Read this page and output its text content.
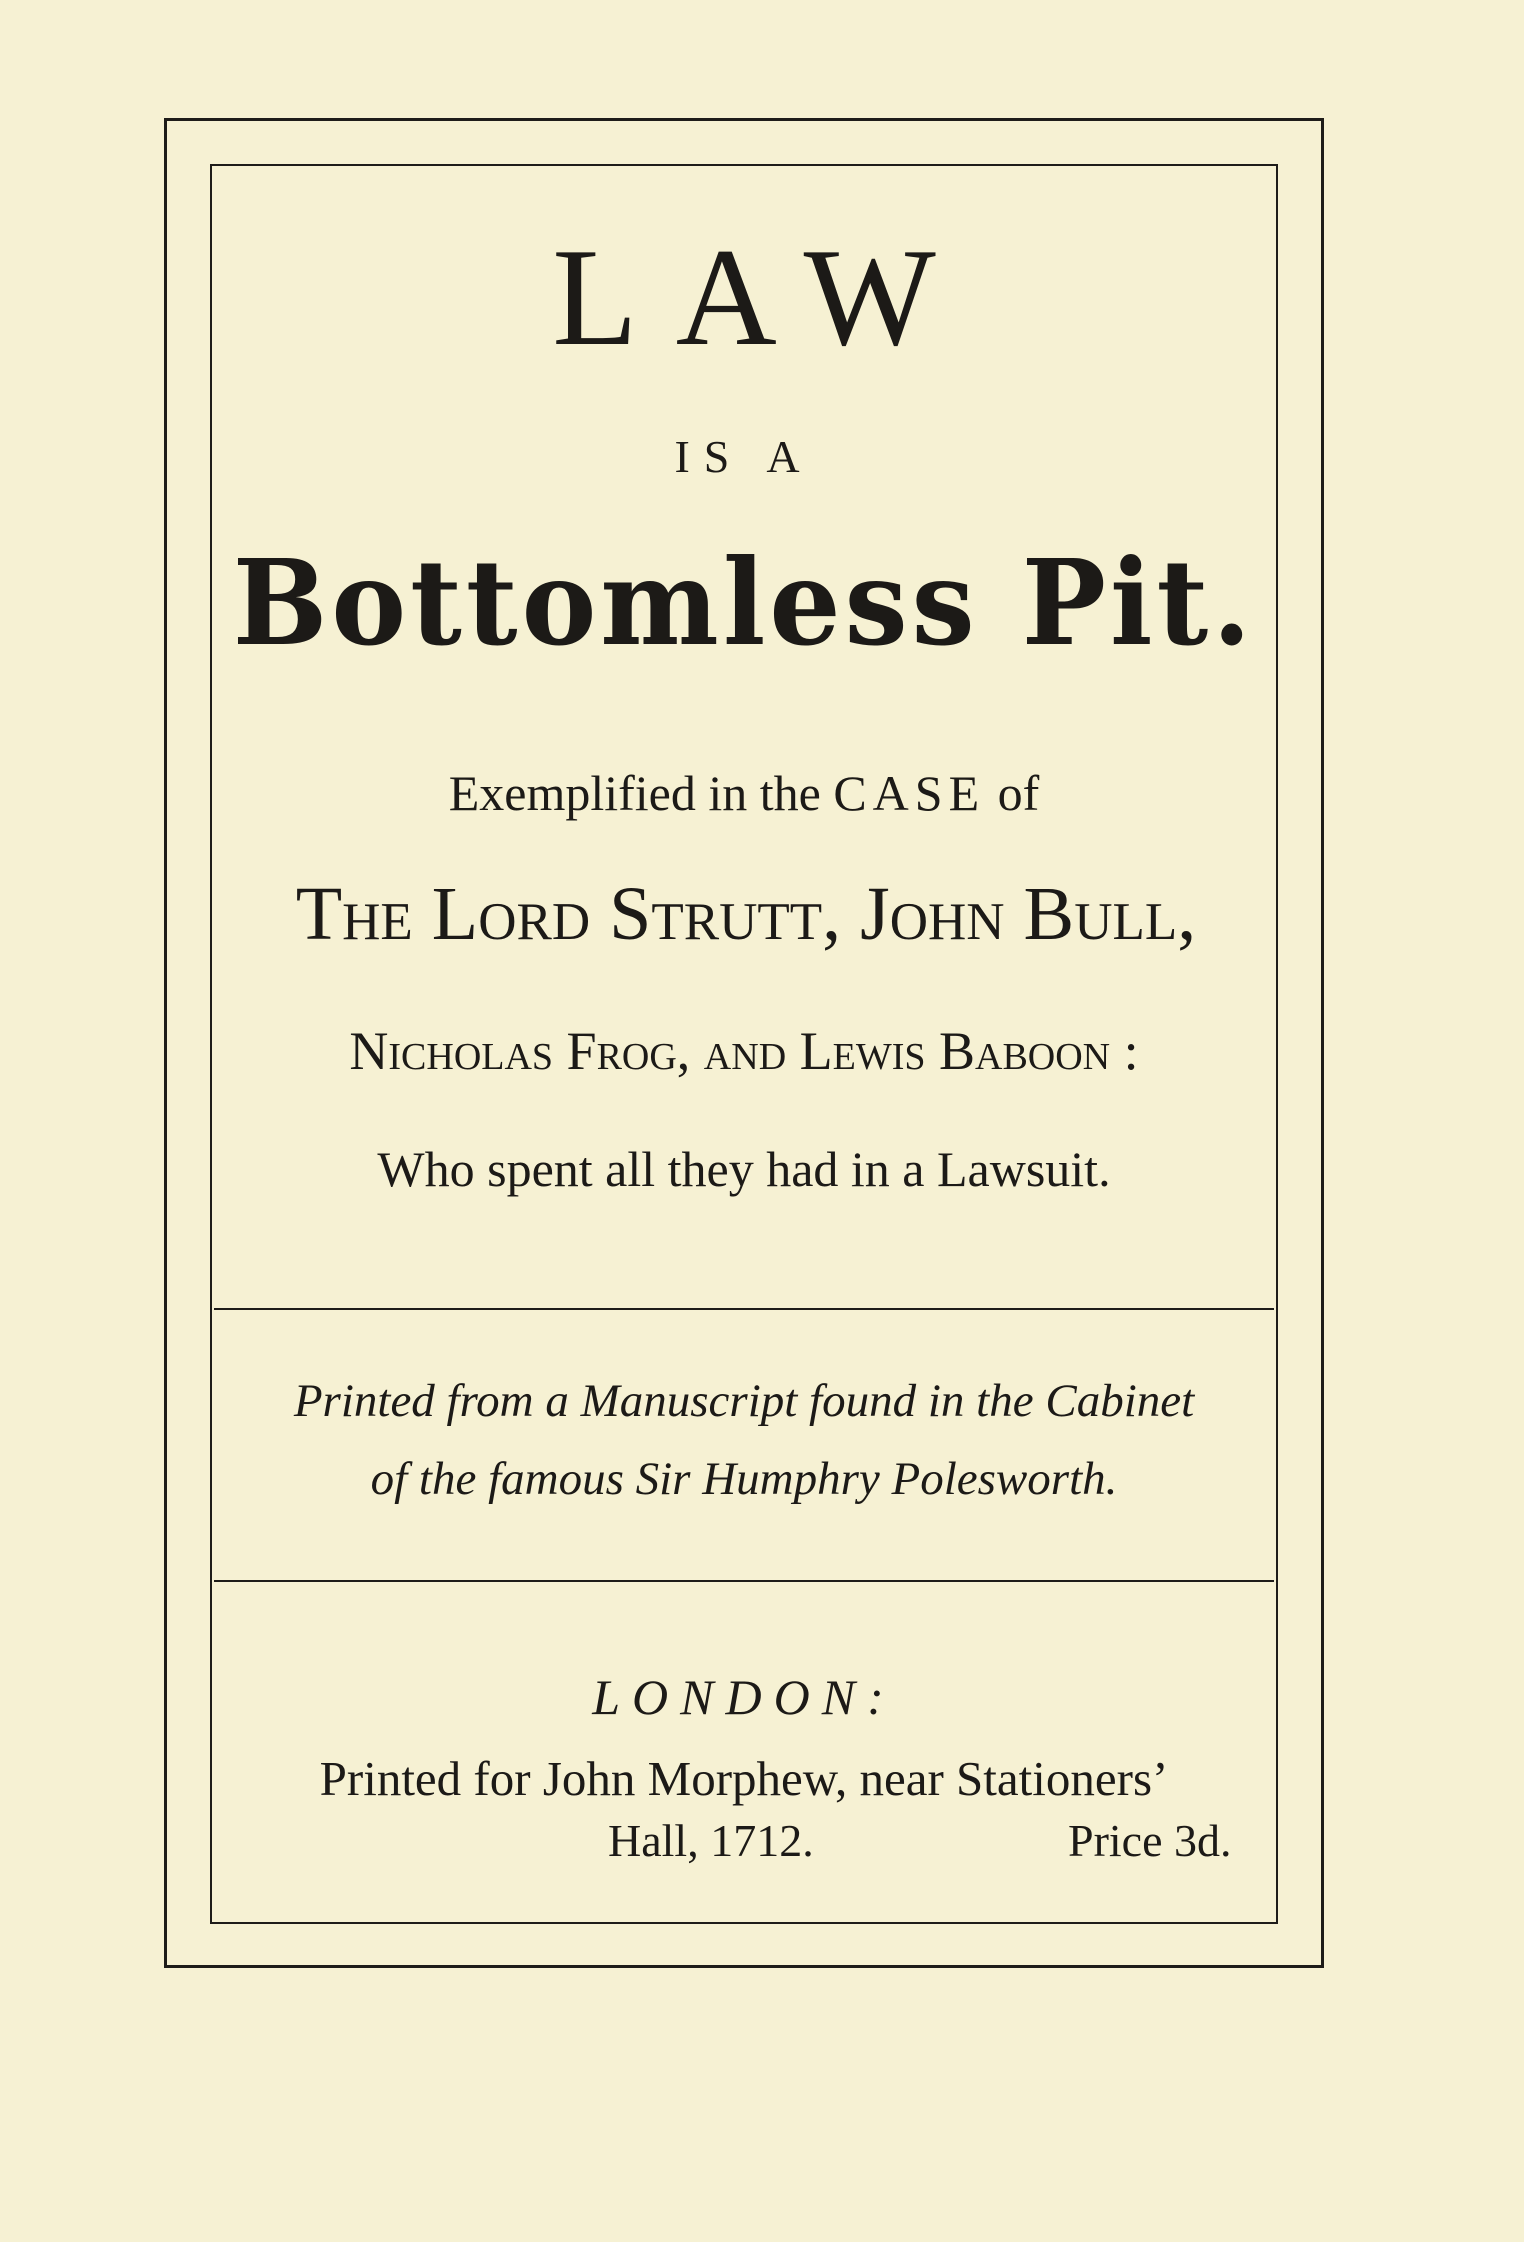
LAW
IS A
Bottomless Pit.
Exemplified in the CASE of
The Lord Strutt, John Bull,
Nicholas Frog, and Lewis Baboon :
Who spent all they had in a Lawsuit.
Printed from a Manuscript found in the Cabinet
of the famous Sir Humphry Polesworth.
LONDON:
Printed for John Morphew, near Stationers’
Hall, 1712.	Price 3d.
